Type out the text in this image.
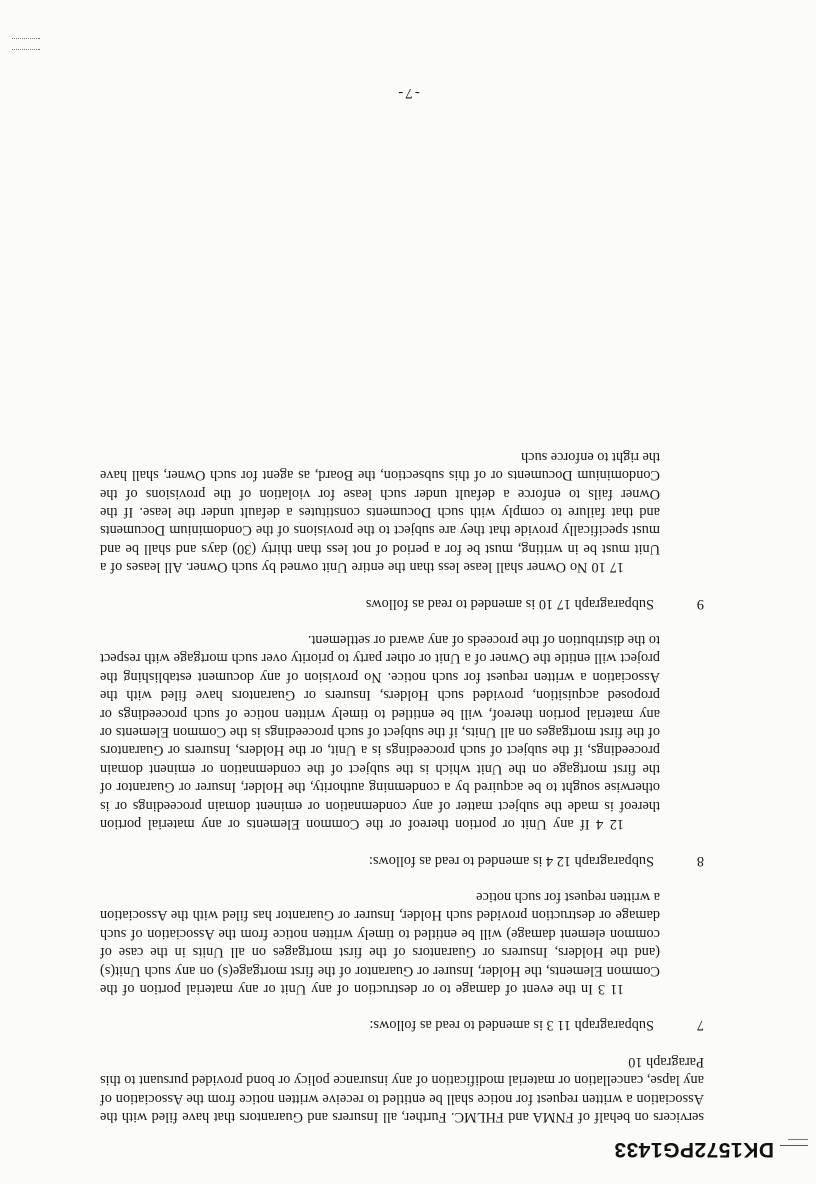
DK1572PG1433

servicers on behalf of FNMA and FHLMC. Further, all Insurers and Guarantors that have filed with the Association a written request for notice shall be entitled to receive written notice from the Association of any lapse, cancellation or material modification of any insurance policy or bond provided pursuant to this Paragraph 10

7Subparagraph 11 3 is amended to read as follows:

11 3 In the event of damage to or destruction of any Unit or any material portion of the Common Elements, the Holder, Insurer or Guarantor of the first mortgage(s) on any such Unit(s) (and the Holders, Insurers or Guarantors of the first mortgages on all Units in the case of common element damage) will be entitled to timely written notice from the Association of such damage or destruction provided such Holder, Insurer or Guarantor has filed with the Association a written request for such notice

8Subparagraph 12 4 is amended to read as follows:

12 4 If any Unit or portion thereof or the Common Elements or any material portion thereof is made the subject matter of any condemnation or eminent domain proceedings or is otherwise sought to be acquired by a condemning authority, the Holder, Insurer or Guarantor of the first mortgage on the Unit which is the subject of the condemnation or eminent domain proceedings, if the subject of such proceedings is a Unit, or the Holders, Insurers or Guarantors of the first mortgages on all Units, if the subject of such proceedings is the Common Elements or any material portion thereof, will be entitled to timely written notice of such proceedings or proposed acquisition, provided such Holders, Insurers or Guarantors have filed with the Association a written request for such notice. No provision of any document establishing the project will entitle the Owner of a Unit or other party to priority over such mortgage with respect to the distribution of the proceeds of any award or settlement.

9Subparagraph 17 10 is amended to read as follows

17 10 No Owner shall lease less than the entire Unit owned by such Owner. All leases of a Unit must be in writing, must be for a period of not less than thirty (30) days and shall be and must specifically provide that they are subject to the provisions of the Condominium Documents and that failure to comply with such Documents constitutes a default under the lease. If the Owner fails to enforce a default under such lease for violation of the provisions of the Condominium Documents or of this subsection, the Board, as agent for such Owner, shall have the right to enforce such

-7-
